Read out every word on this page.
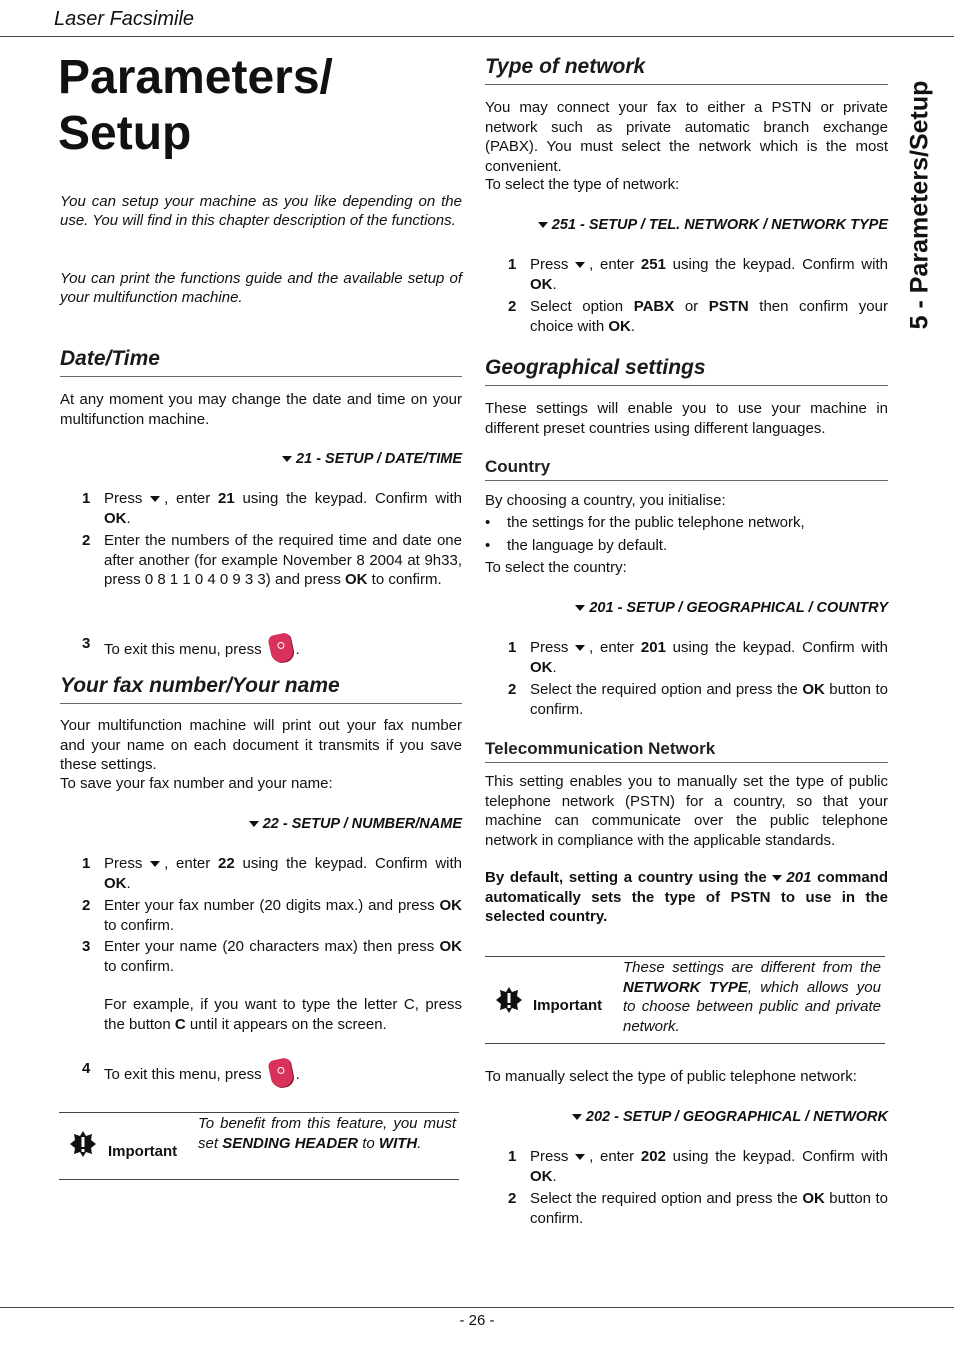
Laser Facsimile
5 - Parameters/Setup
Parameters/
Setup
You can setup your machine as you like depending on the use. You will find in this chapter description of the functions.
You can print the functions guide and the available setup of your multifunction machine.
Date/Time
At any moment you may change the date and time on your multifunction machine.
21 - SETUP / DATE/TIME
1 Press , enter 21 using the keypad. Confirm with OK.
2 Enter the numbers of the required time and date one after another (for example November 8 2004 at 9h33, press 0 8 1 1 0 4 0 9 3 3) and press OK to confirm.
3 To exit this menu, press .
Your fax number/Your name
Your multifunction machine will print out your fax number and your name on each document it transmits if you save these settings.
To save your fax number and your name:
22 - SETUP / NUMBER/NAME
1 Press , enter 22 using the keypad. Confirm with OK.
2 Enter your fax number (20 digits max.) and press OK to confirm.
3 Enter your name (20 characters max) then press OK to confirm.
For example, if you want to type the letter C, press the button C until it appears on the screen.
4 To exit this menu, press .
Important
To benefit from this feature, you must set SENDING HEADER to WITH.
Type of network
You may connect your fax to either a PSTN or private network such as private automatic branch exchange (PABX). You must select the network which is the most convenient.
To select the type of network:
251 - SETUP / TEL. NETWORK / NETWORK TYPE
1 Press , enter 251 using the keypad. Confirm with OK.
2 Select option PABX or PSTN then confirm your choice with OK.
Geographical settings
These settings will enable you to use your machine in different preset countries using different languages.
Country
By choosing a country, you initialise:
• the settings for the public telephone network,
• the language by default.
To select the country:
201 - SETUP / GEOGRAPHICAL / COUNTRY
1 Press , enter 201 using the keypad. Confirm with OK.
2 Select the required option and press the OK button to confirm.
Telecommunication Network
This setting enables you to manually set the type of public telephone network (PSTN) for a country, so that your machine can communicate over the public telephone network in compliance with the applicable standards.
By default, setting a country using the 201 command automatically sets the type of PSTN to use in the selected country.
Important
These settings are different from the NETWORK TYPE, which allows you to choose between public and private network.
To manually select the type of public telephone network:
202 - SETUP / GEOGRAPHICAL / NETWORK
1 Press , enter 202 using the keypad. Confirm with OK.
2 Select the required option and press the OK button to confirm.
- 26 -
